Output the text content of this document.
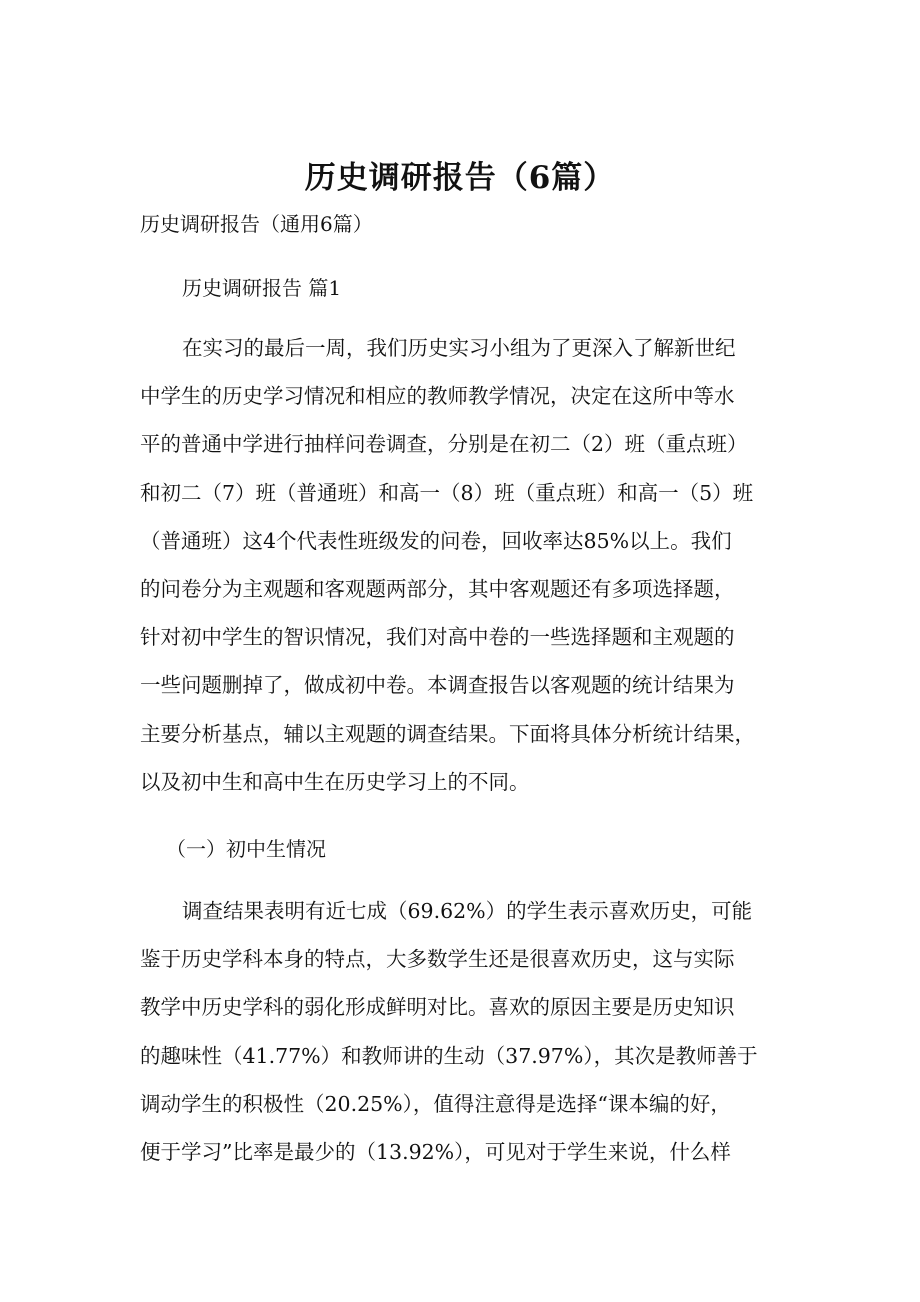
历史调研报告（6篇）
历史调研报告（通用6篇）
历史调研报告 篇1
在实习的最后一周，我们历史实习小组为了更深入了解新世纪
中学生的历史学习情况和相应的教师教学情况，决定在这所中等水
平的普通中学进行抽样问卷调查，分别是在初二（2）班（重点班）
和初二（7）班（普通班）和高一（8）班（重点班）和高一（5）班
（普通班）这4个代表性班级发的问卷，回收率达85%以上。我们
的问卷分为主观题和客观题两部分，其中客观题还有多项选择题，
针对初中学生的智识情况，我们对高中卷的一些选择题和主观题的
一些问题删掉了，做成初中卷。本调查报告以客观题的统计结果为
主要分析基点，辅以主观题的调查结果。下面将具体分析统计结果，
以及初中生和高中生在历史学习上的不同。
（一）初中生情况
调查结果表明有近七成（69.62%）的学生表示喜欢历史，可能
鉴于历史学科本身的特点，大多数学生还是很喜欢历史，这与实际
教学中历史学科的弱化形成鲜明对比。喜欢的原因主要是历史知识
的趣味性（41.77%）和教师讲的生动（37.97%），其次是教师善于
调动学生的积极性（20.25%），值得注意得是选择“课本编的好，
便于学习”比率是最少的（13.92%），可见对于学生来说，什么样
